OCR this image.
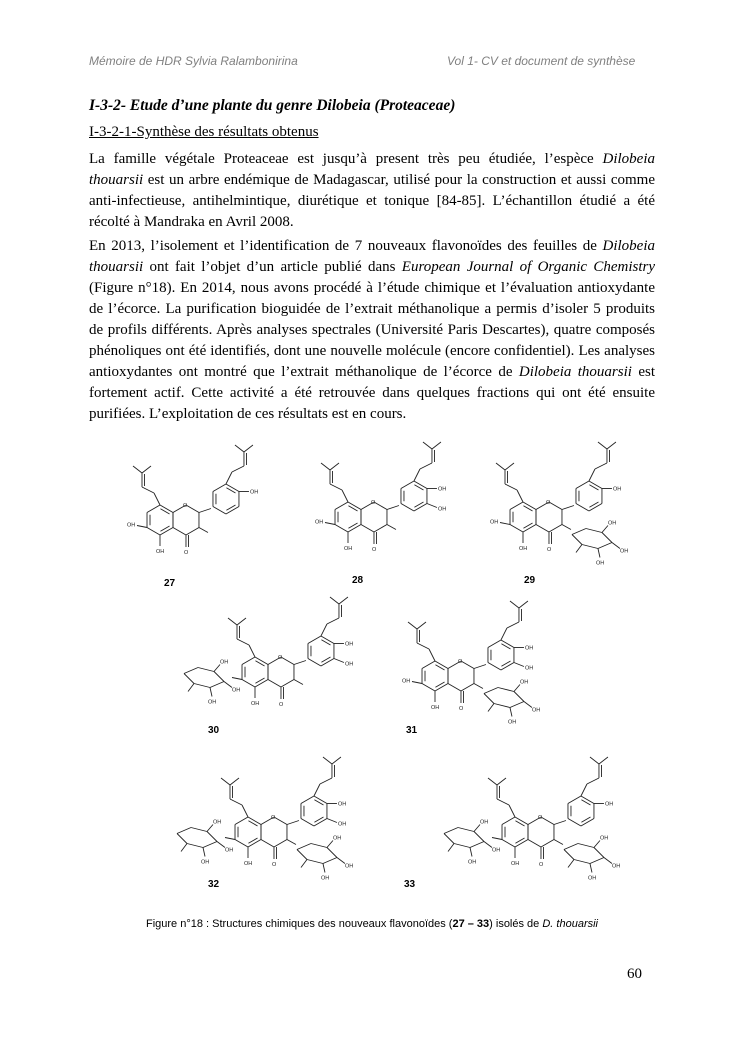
Mémoire de HDR Sylvia Ralambonirina	Vol 1- CV et document de synthèse
I-3-2- Etude d’une plante du genre Dilobeia (Proteaceae)
I-3-2-1-Synthèse des résultats obtenus

La famille végétale Proteaceae est jusqu’à present très peu étudiée, l’espèce Dilobeia thouarsii est un arbre endémique de Madagascar, utilisé pour la construction et aussi comme anti-infectieuse, antihelmintique, diurétique et tonique [84-85]. L’échantillon étudié a été récolté à Mandraka en Avril 2008.

En 2013, l’isolement et l’identification de 7 nouveaux flavonoïdes des feuilles de Dilobeia thouarsii ont fait l’objet d’un article publié dans European Journal of Organic Chemistry (Figure n°18). En 2014, nous avons procédé à l’étude chimique et l’évaluation antioxydante de l’écorce. La purification bioguidée de l’extrait méthanolique a permis d’isoler 5 produits de profils différents. Après analyses spectrales (Université Paris Descartes), quatre composés phénoliques ont été identifiés, dont une nouvelle molécule (encore confidentiel). Les analyses antioxydantes ont montré que l’extrait méthanolique de l’écorce de Dilobeia thouarsii est fortement actif. Cette activité a été retrouvée dans quelques fractions qui ont été ensuite purifiées. L’exploitation de ces résultats est en cours.

O
O
OH
OH
OH
27
O
O
OH
OH
OH
OH
28
O
O
OH
OH
OH
OH
OH
OH
29
O
O
OH
OH
OH
OH
OH
OH
30
O
O
OH
OH
OH
OH
OH
OH
OH
31
O
O
OH
OH
OH
OH
OH
OH
OH
OH
OH
32
O
O
OH
OH
OH
OH
OH
OH
OH
OH
33
Figure n°18 : Structures chimiques des nouveaux flavonoïdes (27 – 33) isolés de D. thouarsii
60
